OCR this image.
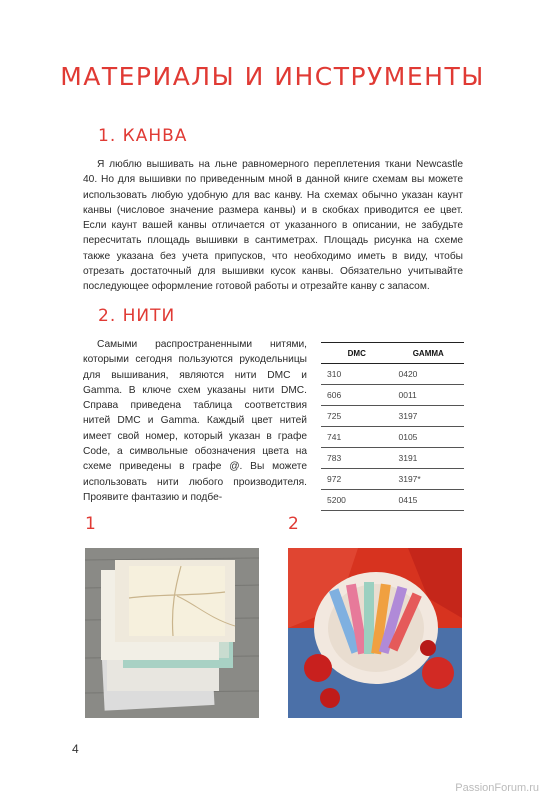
МАТЕРИАЛЫ И ИНСТРУМЕНТЫ
1. КАНВА

Я люблю вышивать на льне равномерного переплетения ткани Newcastle 40. Но для вышивки по приведенным мной в данной книге схемам вы можете использовать любую удобную для вас канву. На схемах обычно указан каунт канвы (числовое значение размера канвы) и в скобках приводится ее цвет. Если каунт вашей канвы отличается от указанного в описании, не забудьте пересчитать площадь вышивки в сантиметрах. Площадь рисунка на схеме также указана без учета припусков, что необходимо иметь в виду, чтобы отрезать достаточный для вышивки кусок канвы. Обязательно учитывайте последующее оформление готовой работы и отрезайте канву с запасом.

2. НИТИ

Самыми распространенными нитями, которыми сегодня пользуются рукодельницы для вышивания, являются нити DMC и Gamma. В ключе схем указаны нити DMC. Справа приведена таблица соответствия нитей DMC и Gamma. Каждый цвет нитей имеет свой номер, который указан в графе Code, а символьные обозначения цвета на схеме приведены в графе @. Вы можете использовать нити любого производителя. Проявите фантазию и подбе-

DMC	GAMMA
310	0420
606	0011
725	3197
741	0105
783	3191
972	3197*
5200	0415
1	2
4
PassionForum.ru
